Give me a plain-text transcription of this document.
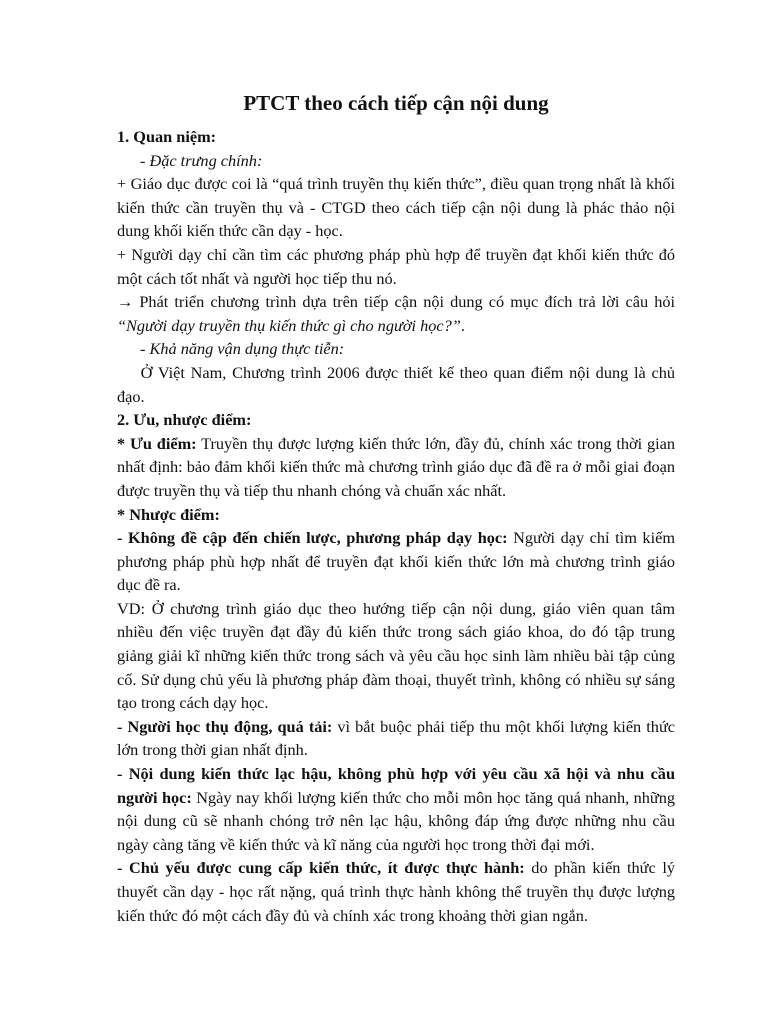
PTCT theo cách tiếp cận nội dung

1. Quan niệm:

- Đặc trưng chính:

+ Giáo dục được coi là “quá trình truyền thụ kiến thức”, điều quan trọng nhất là khối kiến thức cần truyền thụ và - CTGD theo cách tiếp cận nội dung là phác thảo nội dung khối kiến thức cần dạy - học.

+ Người dạy chỉ cần tìm các phương pháp phù hợp để truyền đạt khối kiến thức đó một cách tốt nhất và người học tiếp thu nó.

→ Phát triển chương trình dựa trên tiếp cận nội dung có mục đích trả lời câu hỏi “Người dạy truyền thụ kiến thức gì cho người học?”.

- Khả năng vận dụng thực tiễn:

Ở Việt Nam, Chương trình 2006 được thiết kế theo quan điểm nội dung là chủ đạo.

2. Ưu, nhược điểm:

* Ưu điểm: Truyền thụ được lượng kiến thức lớn, đầy đủ, chính xác trong thời gian nhất định: bảo đảm khối kiến thức mà chương trình giáo dục đã đề ra ở mỗi giai đoạn được truyền thụ và tiếp thu nhanh chóng và chuẩn xác nhất.

* Nhược điểm:

- Không đề cập đến chiến lược, phương pháp dạy học: Người dạy chỉ tìm kiếm phương pháp phù hợp nhất để truyền đạt khối kiến thức lớn mà chương trình giáo dục đề ra.

VD: Ở chương trình giáo dục theo hướng tiếp cận nội dung, giáo viên quan tâm nhiều đến việc truyền đạt đầy đủ kiến thức trong sách giáo khoa, do đó tập trung giảng giải kĩ những kiến thức trong sách và yêu cầu học sinh làm nhiều bài tập củng cố. Sử dụng chủ yếu là phương pháp đàm thoại, thuyết trình, không có nhiều sự sáng tạo trong cách dạy học.

- Người học thụ động, quá tải: vì bắt buộc phải tiếp thu một khối lượng kiến thức lớn trong thời gian nhất định.

- Nội dung kiến thức lạc hậu, không phù hợp với yêu cầu xã hội và nhu cầu người học: Ngày nay khối lượng kiến thức cho mỗi môn học tăng quá nhanh, những nội dung cũ sẽ nhanh chóng trở nên lạc hậu, không đáp ứng được những nhu cầu ngày càng tăng về kiến thức và kĩ năng của người học trong thời đại mới.

- Chủ yếu được cung cấp kiến thức, ít được thực hành: do phần kiến thức lý thuyết cần dạy - học rất nặng, quá trình thực hành không thể truyền thụ được lượng kiến thức đó một cách đầy đủ và chính xác trong khoảng thời gian ngắn.
